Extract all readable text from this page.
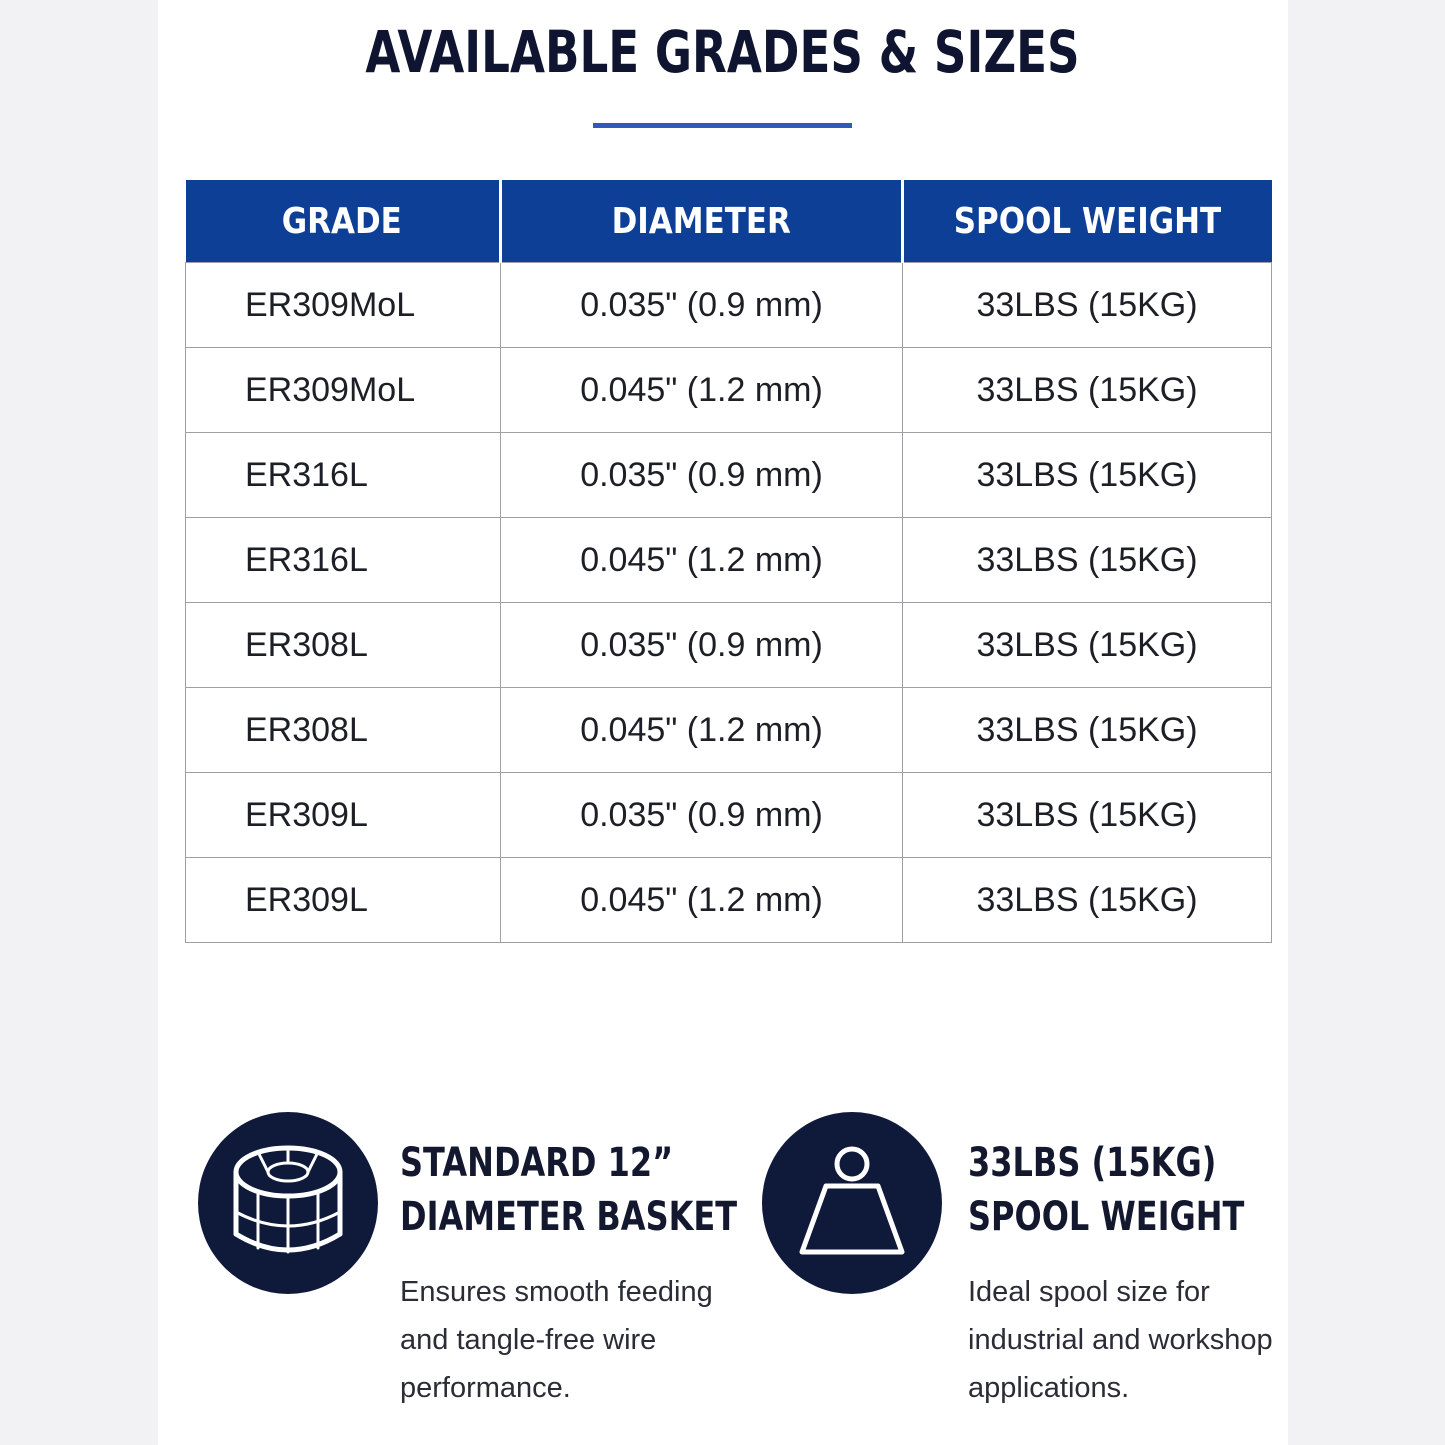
AVAILABLE GRADES & SIZES
GRADE	DIAMETER	SPOOL WEIGHT
ER309MoL	0.035" (0.9 mm)	33LBS (15KG)
ER309MoL	0.045" (1.2 mm)	33LBS (15KG)
ER316L	0.035" (0.9 mm)	33LBS (15KG)
ER316L	0.045" (1.2 mm)	33LBS (15KG)
ER308L	0.035" (0.9 mm)	33LBS (15KG)
ER308L	0.045" (1.2 mm)	33LBS (15KG)
ER309L	0.035" (0.9 mm)	33LBS (15KG)
ER309L	0.045" (1.2 mm)	33LBS (15KG)
STANDARD 12”
DIAMETER BASKET
Ensures smooth feeding
and tangle-free wire
performance.
33LBS (15KG)
SPOOL WEIGHT
Ideal spool size for
industrial and workshop
applications.
